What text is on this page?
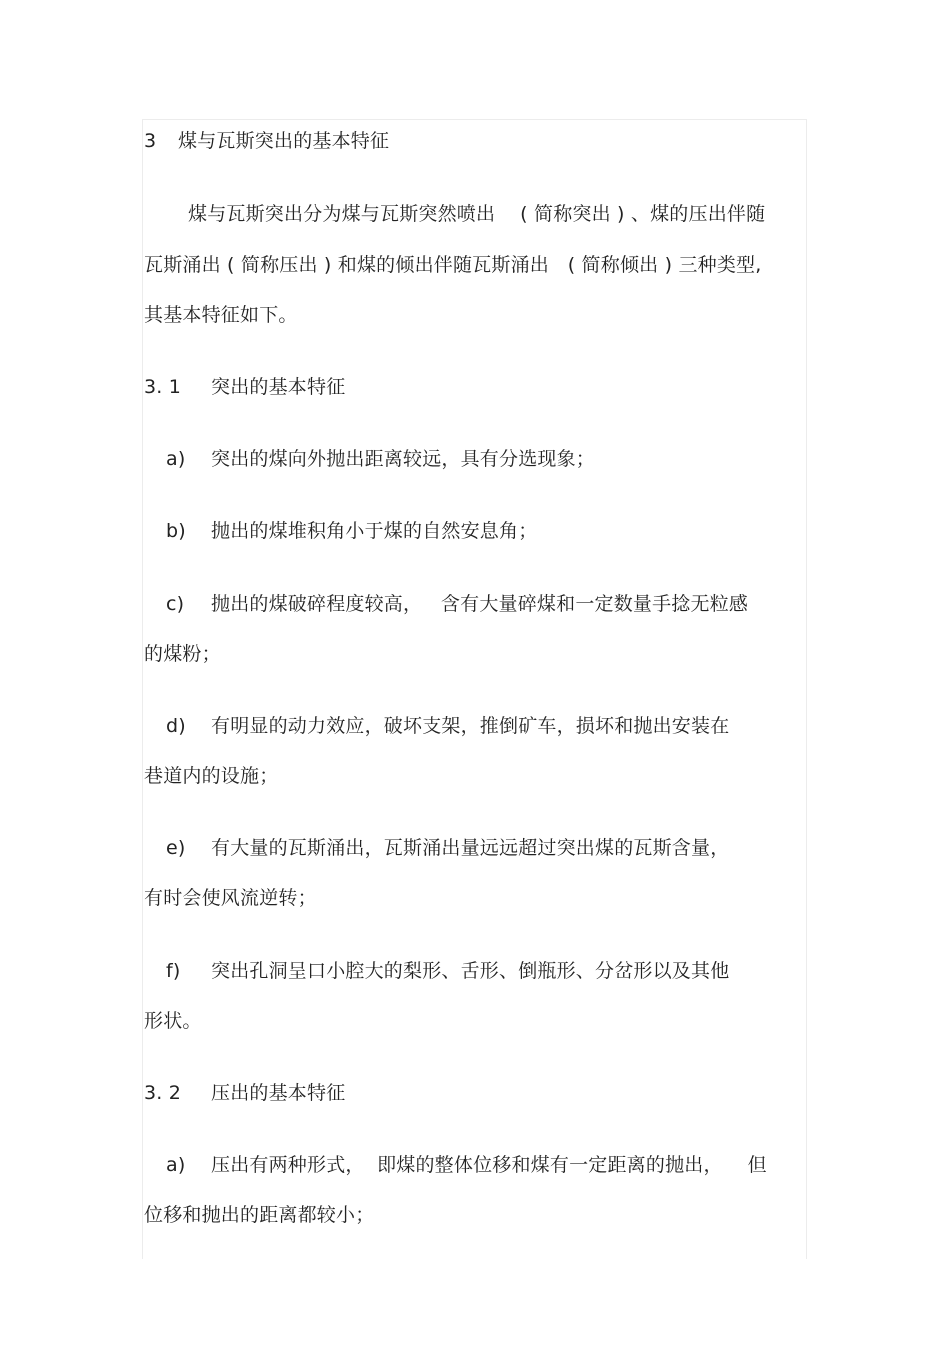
3 煤与瓦斯突出的基本特征
煤与瓦斯突出分为煤与瓦斯突然喷出    ( 简称突出 ) 、煤的压出伴随
瓦斯涌出 ( 简称压出 ) 和煤的倾出伴随瓦斯涌出   ( 简称倾出 ) 三种类型,
其基本特征如下。
3. 1 突出的基本特征
a) 突出的煤向外抛出距离较远，具有分选现象；
b) 抛出的煤堆积角小于煤的自然安息角；
c) 抛出的煤破碎程度较高，   含有大量碎煤和一定数量手捻无粒感
的煤粉；
d) 有明显的动力效应，破坏支架，推倒矿车，损坏和抛出安装在
巷道内的设施；
e) 有大量的瓦斯涌出，瓦斯涌出量远远超过突出煤的瓦斯含量，
有时会使风流逆转；
f) 突出孔洞呈口小腔大的梨形、舌形、倒瓶形、分岔形以及其他
形状。
3. 2 压出的基本特征
a) 压出有两种形式，  即煤的整体位移和煤有一定距离的抛出，    但
位移和抛出的距离都较小；
